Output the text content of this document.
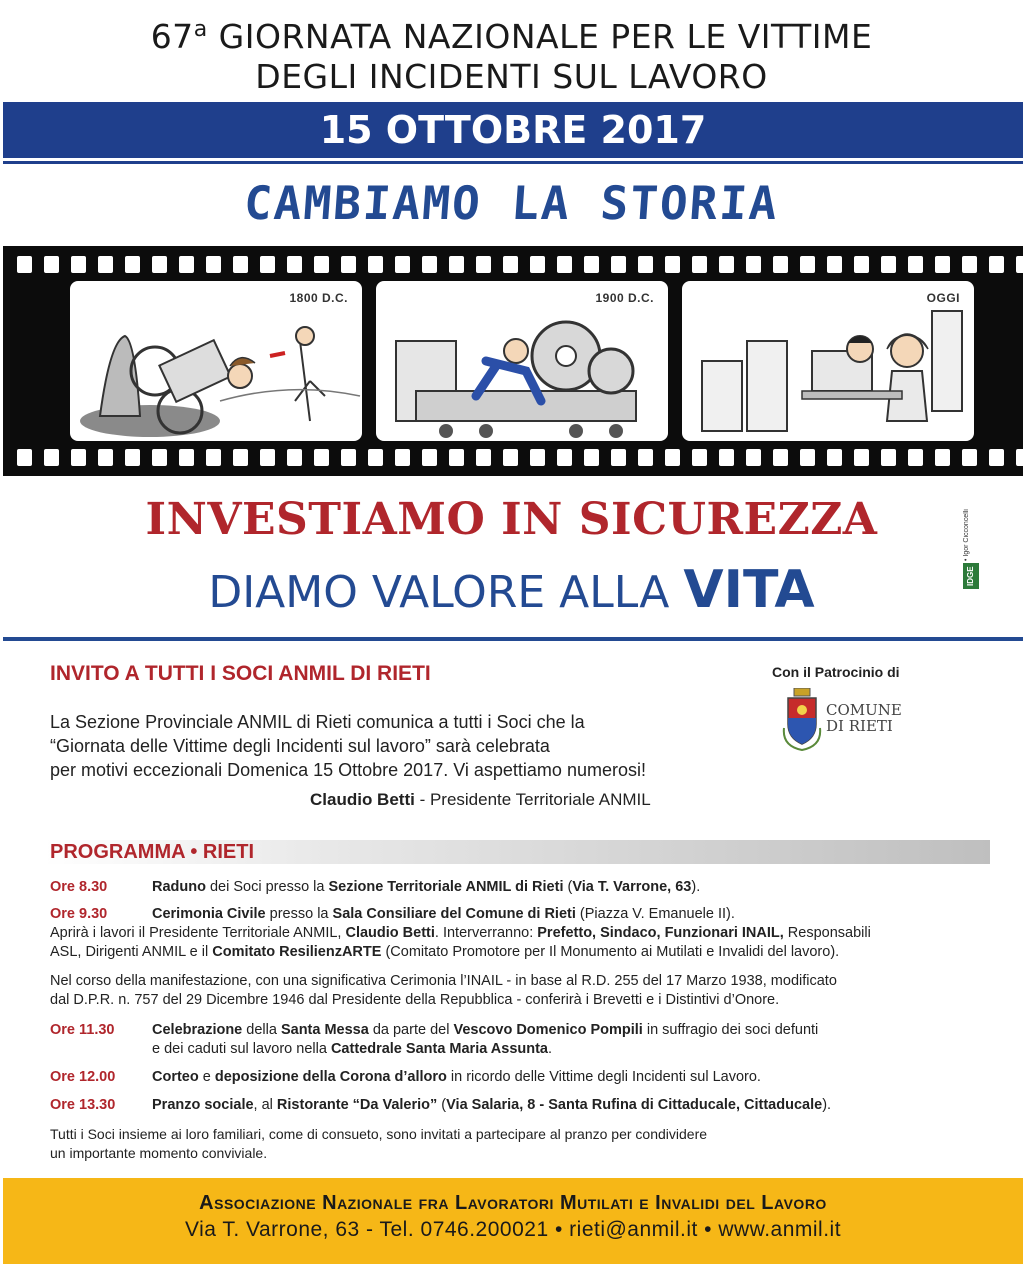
67$^a$ GIORNATA NAZIONALE PER LE VITTIME
DEGLI INCIDENTI SUL LAVORO
15 OTTOBRE 2017
CAMBIAMO LA STORIA
1800 D.C.	1900 D.C.	OGGI
INVESTIAMO IN SICUREZZA
DIAMO VALORE ALLA VITA
• Igor Cicconcelli
IDGE
INVITO A TUTTI I SOCI ANMIL DI RIETI
La Sezione Provinciale ANMIL di Rieti comunica a tutti i Soci che la
“Giornata delle Vittime degli Incidenti sul lavoro” sarà celebrata
per motivi eccezionali Domenica 15 Ottobre 2017. Vi aspettiamo numerosi!
Claudio Betti - Presidente Territoriale ANMIL
Con il Patrocinio di
COMUNE
DI RIETI
PROGRAMMA • RIETI
Ore 8.30	Raduno dei Soci presso la Sezione Territoriale ANMIL di Rieti (Via T. Varrone, 63).
Ore 9.30	Cerimonia Civile presso la Sala Consiliare del Comune di Rieti (Piazza V. Emanuele II).
Aprirà i lavori il Presidente Territoriale ANMIL, Claudio Betti. Interverranno: Prefetto, Sindaco, Funzionari INAIL, Responsabili
ASL, Dirigenti ANMIL e il Comitato ResilienzARTE (Comitato Promotore per Il Monumento ai Mutilati e Invalidi del lavoro).
Nel corso della manifestazione, con una significativa Cerimonia l’INAIL - in base al R.D. 255 del 17 Marzo 1938, modificato
dal D.P.R. n. 757 del 29 Dicembre 1946 dal Presidente della Repubblica - conferirà i Brevetti e i Distintivi d’Onore.
Ore 11.30	Celebrazione della Santa Messa da parte del Vescovo Domenico Pompili in suffragio dei soci defunti
e dei caduti sul lavoro nella Cattedrale Santa Maria Assunta.
Ore 12.00	Corteo e deposizione della Corona d’alloro in ricordo delle Vittime degli Incidenti sul Lavoro.
Ore 13.30	Pranzo sociale, al Ristorante “Da Valerio” (Via Salaria, 8 - Santa Rufina di Cittaducale, Cittaducale).
Tutti i Soci insieme ai loro familiari, come di consueto, sono invitati a partecipare al pranzo per condividere
un importante momento conviviale.
Associazione Nazionale fra Lavoratori Mutilati e Invalidi del Lavoro
Via T. Varrone, 63 - Tel. 0746.200021 • rieti@anmil.it • www.anmil.it
